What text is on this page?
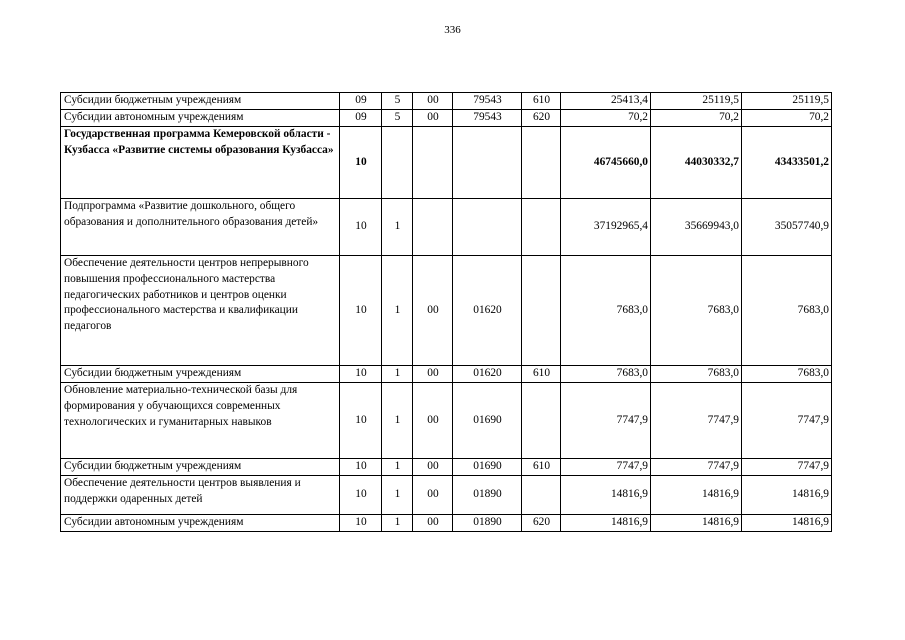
336
Субсидии бюджетным учреждениям	09	5	00	79543	610	25413,4	25119,5	25119,5
Субсидии автономным учреждениям	09	5	00	79543	620	70,2	70,2	70,2
Государственная программа Кемеровской области - Кузбасса «Развитие системы образования Кузбасса»	10					46745660,0	44030332,7	43433501,2
Подпрограмма «Развитие дошкольного, общего образования и дополнительного образования детей»	10	1				37192965,4	35669943,0	35057740,9
Обеспечение деятельности центров непрерывного повышения профессионального мастерства педагогических работников и центров оценки профессионального мастерства и квалификации педагогов	10	1	00	01620		7683,0	7683,0	7683,0
Субсидии бюджетным учреждениям	10	1	00	01620	610	7683,0	7683,0	7683,0
Обновление материально-технической базы для формирования у обучающихся современных технологических и гуманитарных навыков	10	1	00	01690		7747,9	7747,9	7747,9
Субсидии бюджетным учреждениям	10	1	00	01690	610	7747,9	7747,9	7747,9
Обеспечение деятельности центров выявления и поддержки одаренных детей	10	1	00	01890		14816,9	14816,9	14816,9
Субсидии автономным учреждениям	10	1	00	01890	620	14816,9	14816,9	14816,9
